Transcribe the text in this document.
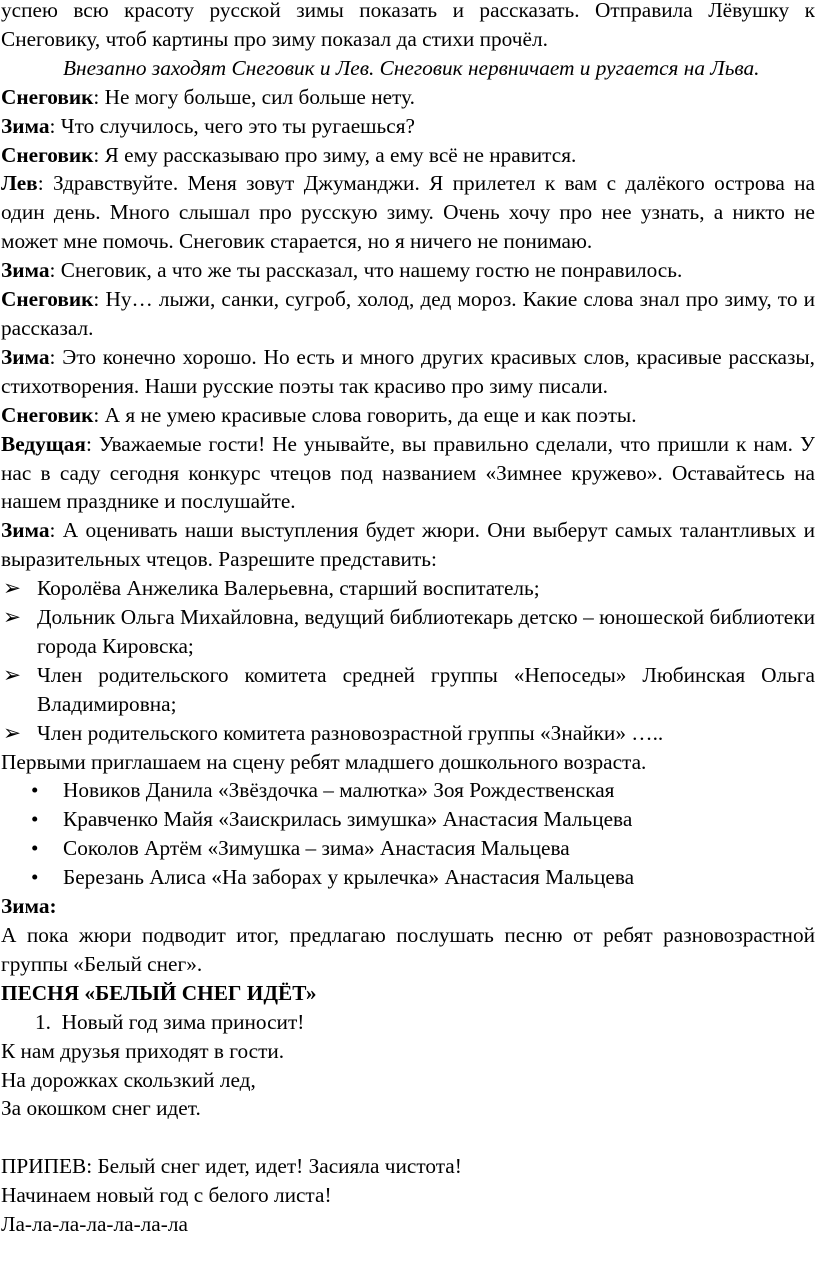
успею всю красоту русской зимы показать и рассказать. Отправила Лёвушку к Снеговику, чтоб картины про зиму показал да стихи прочёл.

Внезапно заходят Снеговик и Лев. Снеговик нервничает и ругается на Льва.

Снеговик: Не могу больше, сил больше нету.

Зима: Что случилось, чего это ты ругаешься?

Снеговик: Я ему рассказываю про зиму, а ему всё не нравится.

Лев: Здравствуйте. Меня зовут Джуманджи. Я прилетел к вам с далёкого острова на один день. Много слышал про русскую зиму. Очень хочу про нее узнать, а никто не может мне помочь. Снеговик старается, но я ничего не понимаю.

Зима: Снеговик, а что же ты рассказал, что нашему гостю не понравилось.

Снеговик: Ну… лыжи, санки, сугроб, холод, дед мороз. Какие слова знал про зиму, то и рассказал.

Зима: Это конечно хорошо. Но есть и много других красивых слов, красивые рассказы, стихотворения. Наши русские поэты так красиво про зиму писали.

Снеговик: А я не умею красивые слова говорить, да еще и как поэты.

Ведущая: Уважаемые гости! Не унывайте, вы правильно сделали, что пришли к нам. У нас в саду сегодня конкурс чтецов под названием «Зимнее кружево». Оставайтесь на нашем празднике и послушайте.

Зима: А оценивать наши выступления будет жюри. Они выберут самых талантливых и выразительных чтецов. Разрешите представить:

➢ Королёва Анжелика Валерьевна, старший воспитатель;
➢ Дольник Ольга Михайловна, ведущий библиотекарь детско – юношеской библиотеки города Кировска;
➢ Член родительского комитета средней группы «Непоседы» Любинская Ольга Владимировна;
➢ Член родительского комитета разновозрастной группы «Знайки» …..

Первыми приглашаем на сцену ребят младшего дошкольного возраста.

• Новиков Данила «Звёздочка – малютка» Зоя Рождественская
• Кравченко Майя «Заискрилась зимушка» Анастасия Мальцева
• Соколов Артём «Зимушка – зима» Анастасия Мальцева
• Березань Алиса «На заборах у крылечка» Анастасия Мальцева

Зима:

А пока жюри подводит итог, предлагаю послушать песню от ребят разновозрастной группы «Белый снег».

ПЕСНЯ «БЕЛЫЙ СНЕГ ИДЁТ»

1. Новый год зима приносит!

К нам друзья приходят в гости.

На дорожках скользкий лед,

За окошком снег идет.

ПРИПЕВ: Белый снег идет, идет! Засияла чистота!

Начинаем новый год с белого листа!

Ла-ла-ла-ла-ла-ла-ла
